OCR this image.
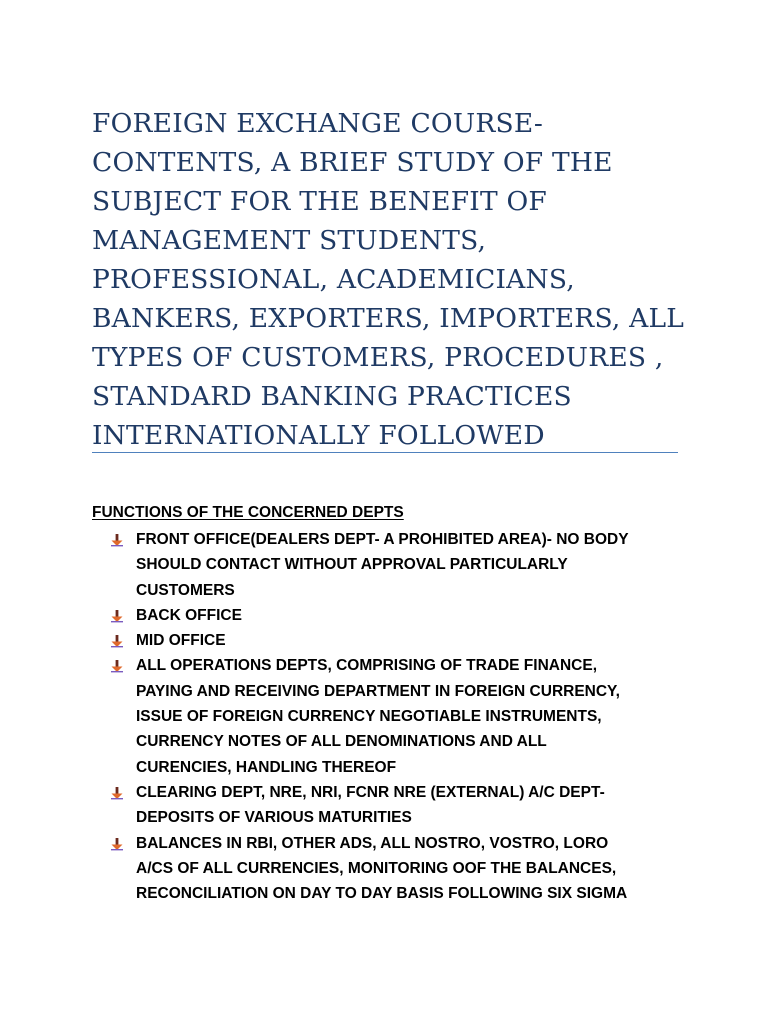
FOREIGN EXCHANGE COURSE-
CONTENTS, A BRIEF STUDY OF THE
SUBJECT FOR THE BENEFIT OF
MANAGEMENT STUDENTS,
PROFESSIONAL, ACADEMICIANS,
BANKERS, EXPORTERS, IMPORTERS, ALL
TYPES OF CUSTOMERS, PROCEDURES ,
STANDARD BANKING PRACTICES
INTERNATIONALLY FOLLOWED
FUNCTIONS OF THE CONCERNED DEPTS
FRONT OFFICE(DEALERS DEPT- A PROHIBITED AREA)- NO BODY
SHOULD CONTACT WITHOUT APPROVAL PARTICULARLY
CUSTOMERS
BACK OFFICE
MID OFFICE
ALL OPERATIONS DEPTS, COMPRISING OF TRADE FINANCE,
PAYING AND RECEIVING DEPARTMENT IN FOREIGN CURRENCY,
ISSUE OF FOREIGN CURRENCY NEGOTIABLE INSTRUMENTS,
CURRENCY NOTES OF ALL DENOMINATIONS AND ALL
CURENCIES, HANDLING THEREOF
CLEARING DEPT, NRE, NRI, FCNR NRE (EXTERNAL) A/C DEPT-
DEPOSITS OF VARIOUS MATURITIES
BALANCES IN RBI, OTHER ADS, ALL NOSTRO, VOSTRO, LORO
A/CS OF ALL CURRENCIES, MONITORING OOF THE BALANCES,
RECONCILIATION ON DAY TO DAY BASIS FOLLOWING SIX SIGMA
